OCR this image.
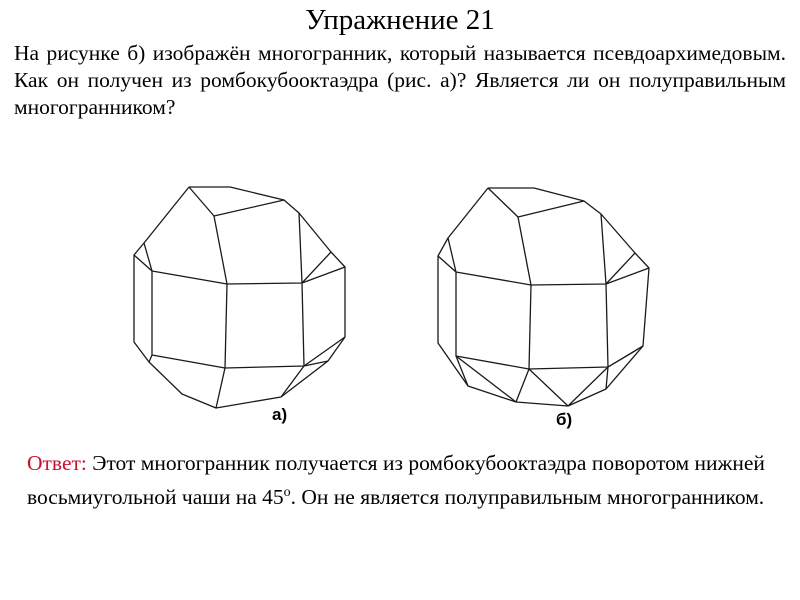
Упражнение 21
На рисунке б) изображён многогранник, который называется псевдоархимедовым. Как он получен из ромбокубооктаэдра (рис. а)? Является ли он полуправильным многогранником?
а)	б)
Ответ: Этот многогранник получается из ромбокубооктаэдра поворотом нижней восьмиугольной чаши на 45$^o$. Он не является полуправильным многогранником.
